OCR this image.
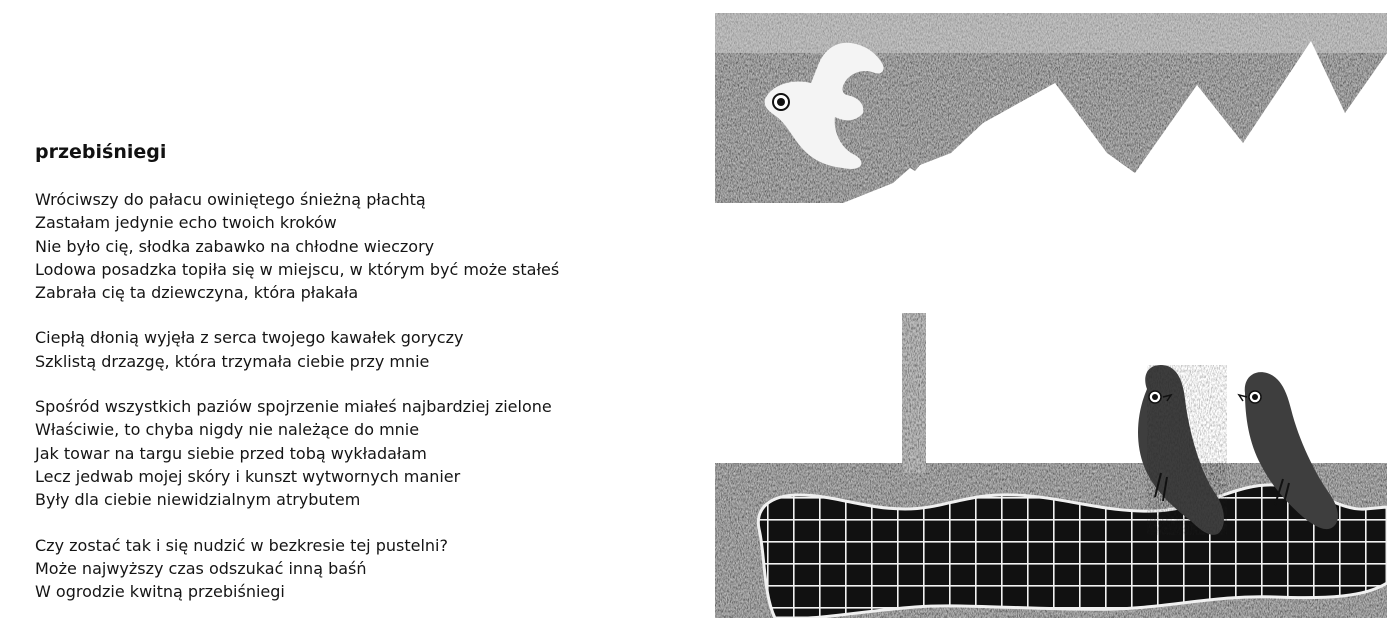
przebiśniegi
Wróciwszy do pałacu owiniętego śnieżną płachtą
Zastałam jedynie echo twoich kroków
Nie było cię, słodka zabawko na chłodne wieczory
Lodowa posadzka topiła się w miejscu, w którym być może stałeś
Zabrała cię ta dziewczyna, która płakała
Ciepłą dłonią wyjęła z serca twojego kawałek goryczy
Szklistą drzazgę, która trzymała ciebie przy mnie
Spośród wszystkich paziów spojrzenie miałeś najbardziej zielone
Właściwie, to chyba nigdy nie należące do mnie
Jak towar na targu siebie przed tobą wykładałam
Lecz jedwab mojej skóry i kunszt wytwornych manier
Były dla ciebie niewidzialnym atrybutem
Czy zostać tak i się nudzić w bezkresie tej pustelni?
Może najwyższy czas odszukać inną baśń
W ogrodzie kwitną przebiśniegi
